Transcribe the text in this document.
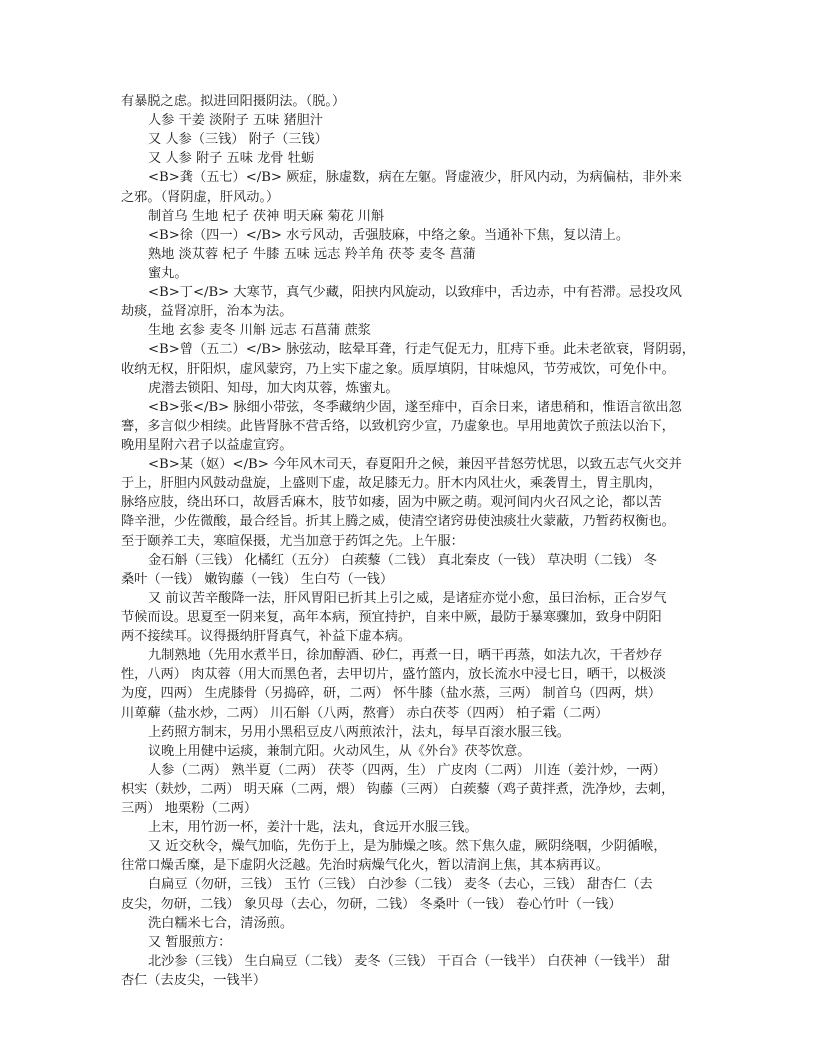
有暴脱之虑。拟进回阳摄阴法。（脱。）
人参 干姜 淡附子 五味 猪胆汁
又 人参（三钱） 附子（三钱）
又 人参 附子 五味 龙骨 牡蛎
<B>龚（五七）</B> 厥症，脉虚数，病在左躯。肾虚液少，肝风内动，为病偏枯，非外来
之邪。（肾阴虚，肝风动。）
制首乌 生地 杞子 茯神 明天麻 菊花 川斛
<B>徐（四一）</B> 水亏风动，舌强肢麻，中络之象。当通补下焦，复以清上。
熟地 淡苁蓉 杞子 牛膝 五味 远志 羚羊角 茯苓 麦冬 菖蒲
蜜丸。
<B>丁</B> 大寒节，真气少藏，阳挟内风旋动，以致痱中，舌边赤，中有苔滞。忌投攻风
劫痰，益肾凉肝，治本为法。
生地 玄参 麦冬 川斛 远志 石菖蒲 蔗浆
<B>曾（五二）</B> 脉弦动，眩晕耳聋，行走气促无力，肛痔下垂。此未老欲衰，肾阴弱，
收纳无权，肝阳炽，虚风蒙窍，乃上实下虚之象。质厚填阴，甘味熄风，节劳戒饮，可免仆中。
虎潜去锁阳、知母，加大肉苁蓉，炼蜜丸。
<B>张</B> 脉细小带弦，冬季藏纳少固，遂至痱中，百余日来，诸患稍和，惟语言欲出忽
謇，多言似少相续。此皆肾脉不营舌络，以致机窍少宣，乃虚象也。早用地黄饮子煎法以治下，
晚用星附六君子以益虚宣窍。
<B>某（妪）</B> 今年风木司天，春夏阳升之候，兼因平昔怒劳忧思，以致五志气火交并
于上，肝胆内风鼓动盘旋，上盛则下虚，故足膝无力。肝木内风壮火，乘袭胃土，胃主肌肉，
脉络应肢，绕出环口，故唇舌麻木，肢节如痿，固为中厥之萌。观河间内火召风之论，都以苦
降辛泄，少佐微酸，最合经旨。折其上腾之威，使清空诸窍毋使浊痰壮火蒙蔽，乃暂药权衡也。
至于颐养工夫，寒暄保摄，尤当加意于药饵之先。上午服：
金石斛（三钱） 化橘红（五分） 白蒺藜（二钱） 真北秦皮（一钱） 草决明（二钱） 冬
桑叶（一钱） 嫩钩藤（一钱） 生白芍（一钱）
又 前议苦辛酸降一法，肝风胃阳已折其上引之威，是诸症亦觉小愈，虽曰治标，正合岁气
节候而设。思夏至一阴来复，高年本病，预宜持护，自来中厥，最防于暴寒骤加，致身中阴阳
两不接续耳。议得摄纳肝肾真气，补益下虚本病。
九制熟地（先用水煮半日，徐加醇酒、砂仁，再煮一日，晒干再蒸，如法九次，干者炒存
性，八两） 肉苁蓉（用大而黑色者，去甲切片，盛竹篮内，放长流水中浸七日，晒干，以极淡
为度，四两） 生虎膝骨（另捣碎，研，二两） 怀牛膝（盐水蒸，三两） 制首乌（四两，烘）
川萆薢（盐水炒，二两） 川石斛（八两，熬膏） 赤白茯苓（四两） 柏子霜（二两）
上药照方制末，另用小黑稆豆皮八两煎浓汁，法丸，每早百滚水服三钱。
议晚上用健中运痰，兼制亢阳。火动风生，从《外台》茯苓饮意。
人参（二两） 熟半夏（二两） 茯苓（四两，生） 广皮肉（二两） 川连（姜汁炒，一两）
枳实（麸炒，二两） 明天麻（二两，煨） 钩藤（三两） 白蒺藜（鸡子黄拌煮，洗净炒，去刺，
三两） 地栗粉（二两）
上末，用竹沥一杯，姜汁十匙，法丸，食远开水服三钱。
又 近交秋令，燥气加临，先伤于上，是为肺燥之咳。然下焦久虚，厥阴绕咽，少阴循喉，
往常口燥舌糜，是下虚阴火泛越。先治时病燥气化火，暂以清润上焦，其本病再议。
白扁豆（勿研，三钱） 玉竹（三钱） 白沙参（二钱） 麦冬（去心，三钱） 甜杏仁（去
皮尖，勿研，二钱） 象贝母（去心，勿研，二钱） 冬桑叶（一钱） 卷心竹叶（一钱）
洗白糯米七合，清汤煎。
又 暂服煎方：
北沙参（三钱） 生白扁豆（二钱） 麦冬（三钱） 干百合（一钱半） 白茯神（一钱半） 甜
杏仁（去皮尖，一钱半）
